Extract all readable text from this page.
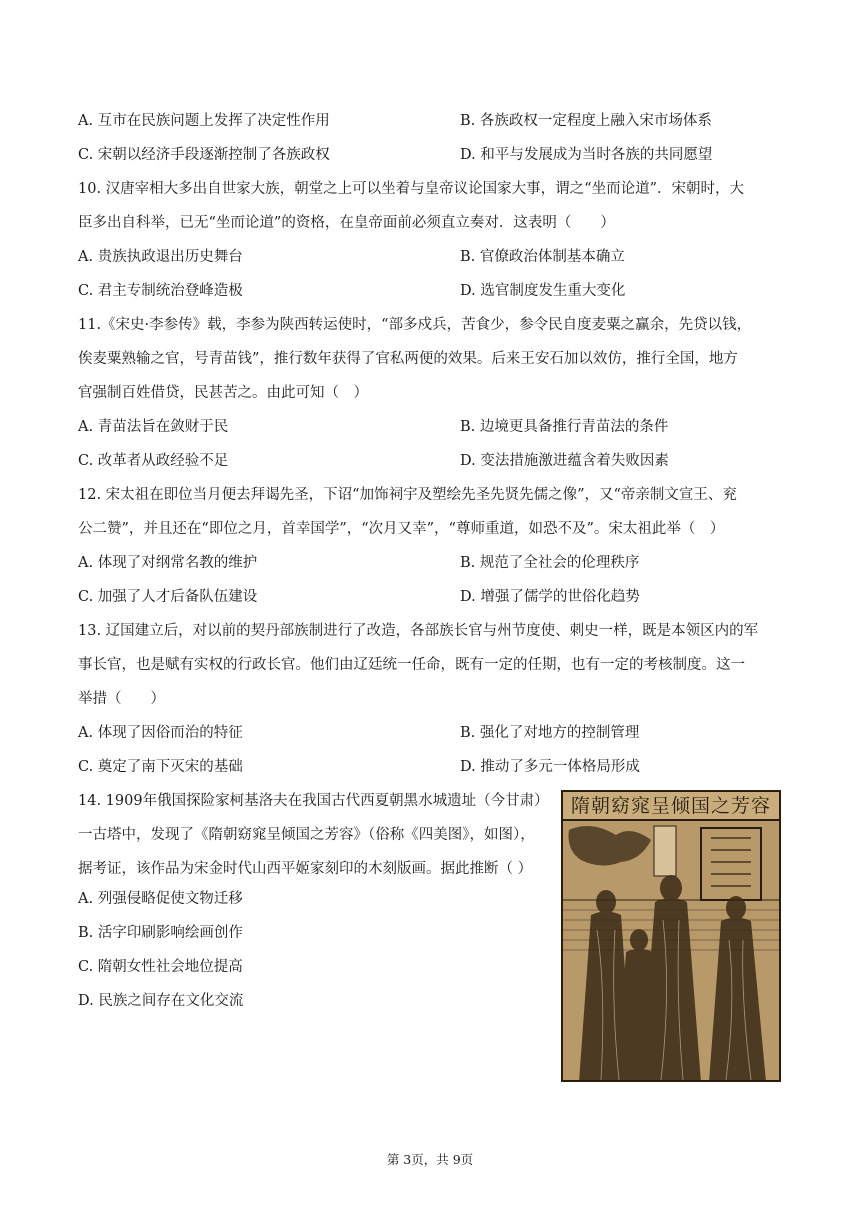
A. 互市在民族问题上发挥了决定性作用	B. 各族政权一定程度上融入宋市场体系
C. 宋朝以经济手段逐渐控制了各族政权	D. 和平与发展成为当时各族的共同愿望
10. 汉唐宰相大多出自世家大族，朝堂之上可以坐着与皇帝议论国家大事，谓之“坐而论道”．宋朝时，大
臣多出自科举，已无“坐而论道”的资格，在皇帝面前必须直立奏对．这表明（　　）
A. 贵族执政退出历史舞台	B. 官僚政治体制基本确立
C. 君主专制统治登峰造极	D. 选官制度发生重大变化
11.《宋史·李参传》载，李参为陕西转运使时，“部多戍兵，苦食少，参令民自度麦粟之赢余，先贷以钱，
俟麦粟熟输之官，号青苗钱”，推行数年获得了官私两便的效果。后来王安石加以效仿，推行全国，地方
官强制百姓借贷，民甚苦之。由此可知（　）
A. 青苗法旨在敛财于民	B. 边境更具备推行青苗法的条件
C. 改革者从政经验不足	D. 变法措施激进蕴含着失败因素
12. 宋太祖在即位当月便去拜谒先圣，下诏“加饰祠宇及塑绘先圣先贤先儒之像”，又“帝亲制文宣王、兖
公二赞”，并且还在“即位之月，首幸国学”，“次月又幸”，“尊师重道，如恐不及”。宋太祖此举（　）
A. 体现了对纲常名教的维护	B. 规范了全社会的伦理秩序
C. 加强了人才后备队伍建设	D. 增强了儒学的世俗化趋势
13. 辽国建立后，对以前的契丹部族制进行了改造，各部族长官与州节度使、刺史一样，既是本领区内的军
事长官，也是赋有实权的行政长官。他们由辽廷统一任命，既有一定的任期，也有一定的考核制度。这一
举措（　　）
A. 体现了因俗而治的特征	B. 强化了对地方的控制管理
C. 奠定了南下灭宋的基础	D. 推动了多元一体格局形成
14. 1909年俄国探险家柯基洛夫在我国古代西夏朝黑水城遗址（今甘肃）
一古塔中，发现了《隋朝窈窕呈倾国之芳容》（俗称《四美图》，如图），
据考证，该作品为宋金时代山西平姬家刻印的木刻版画。据此推断（ ）
A. 列强侵略促使文物迁移
B. 活字印刷影响绘画创作
C. 隋朝女性社会地位提高
D. 民族之间存在文化交流
隋朝窈窕呈倾国之芳容
第 3页，共 9页
